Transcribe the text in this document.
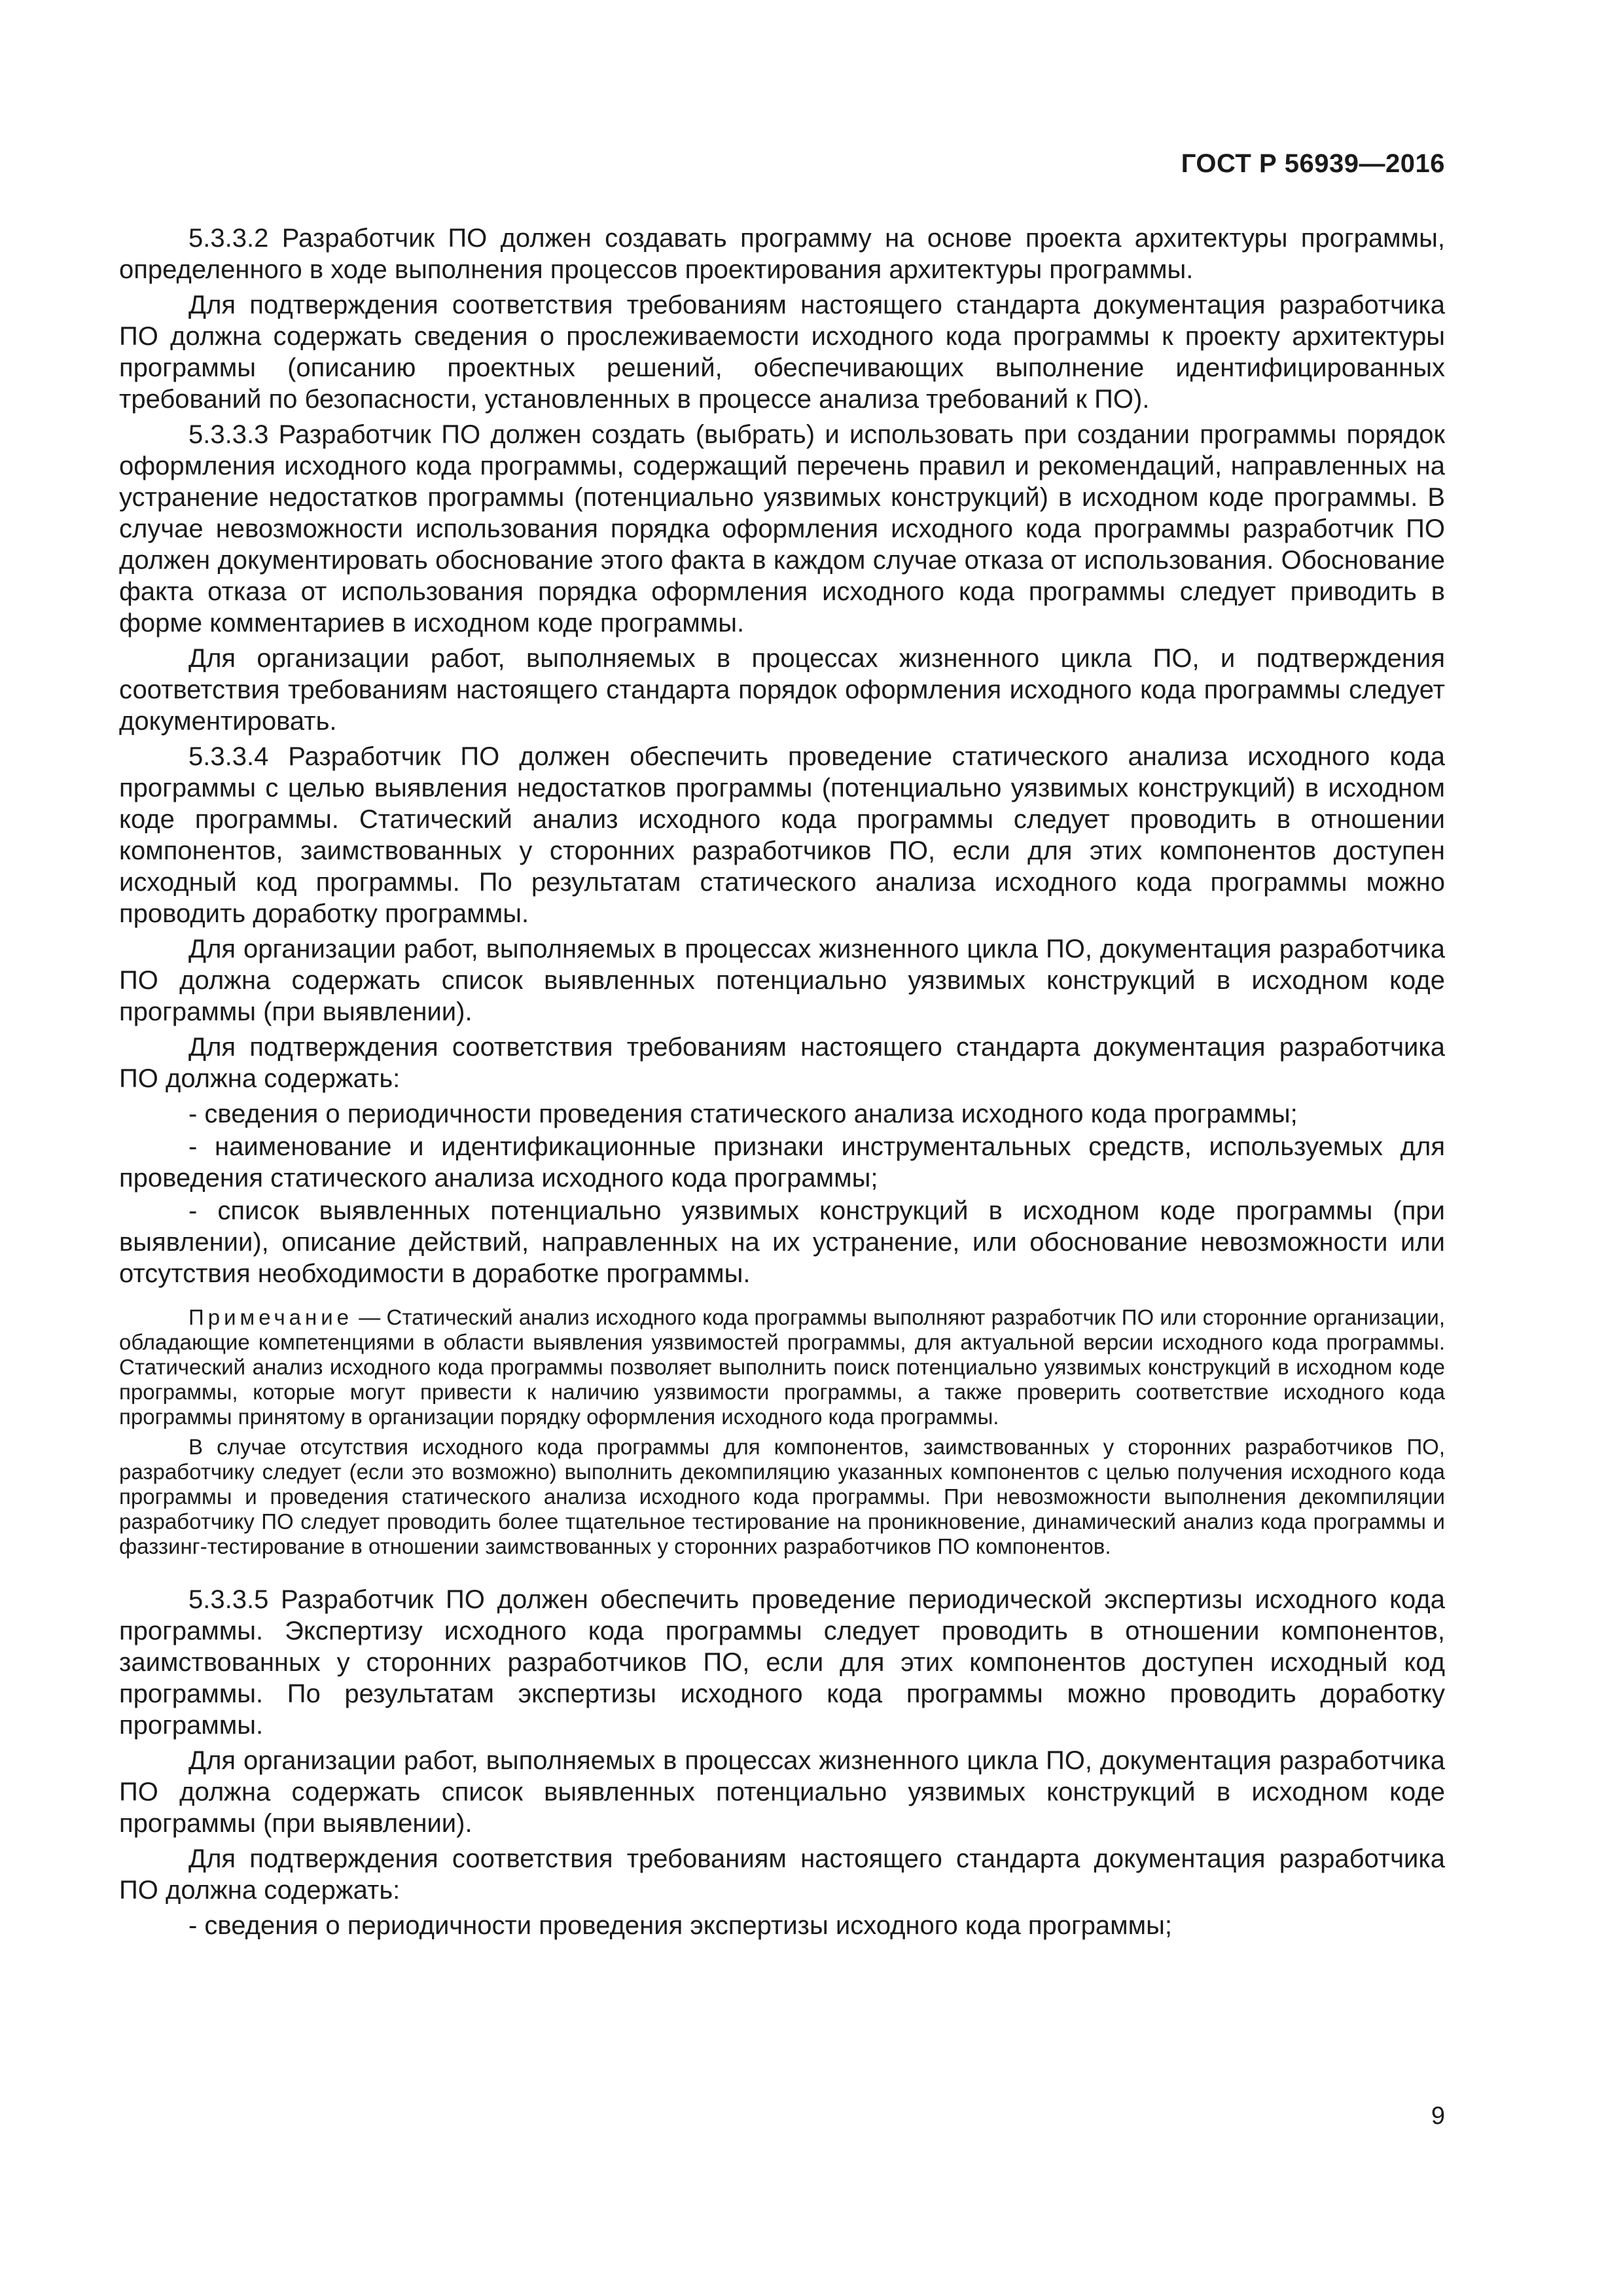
ГОСТ Р 56939—2016

5.3.3.2 Разработчик ПО должен создавать программу на основе проекта архитектуры программы, определенного в ходе выполнения процессов проектирования архитектуры программы.

Для подтверждения соответствия требованиям настоящего стандарта документация разработчика ПО должна содержать сведения о прослеживаемости исходного кода программы к проекту архитектуры программы (описанию проектных решений, обеспечивающих выполнение идентифицированных требований по безопасности, установленных в процессе анализа требований к ПО).

5.3.3.3 Разработчик ПО должен создать (выбрать) и использовать при создании программы порядок оформления исходного кода программы, содержащий перечень правил и рекомендаций, направленных на устранение недостатков программы (потенциально уязвимых конструкций) в исходном коде программы. В случае невозможности использования порядка оформления исходного кода программы разработчик ПО должен документировать обоснование этого факта в каждом случае отказа от использования. Обоснование факта отказа от использования порядка оформления исходного кода программы следует приводить в форме комментариев в исходном коде программы.

Для организации работ, выполняемых в процессах жизненного цикла ПО, и подтверждения соответствия требованиям настоящего стандарта порядок оформления исходного кода программы следует документировать.

5.3.3.4 Разработчик ПО должен обеспечить проведение статического анализа исходного кода программы с целью выявления недостатков программы (потенциально уязвимых конструкций) в исходном коде программы. Статический анализ исходного кода программы следует проводить в отношении компонентов, заимствованных у сторонних разработчиков ПО, если для этих компонентов доступен исходный код программы. По результатам статического анализа исходного кода программы можно проводить доработку программы.

Для организации работ, выполняемых в процессах жизненного цикла ПО, документация разработчика ПО должна содержать список выявленных потенциально уязвимых конструкций в исходном коде программы (при выявлении).

Для подтверждения соответствия требованиям настоящего стандарта документация разработчика ПО должна содержать:

- сведения о периодичности проведения статического анализа исходного кода программы;

- наименование и идентификационные признаки инструментальных средств, используемых для проведения статического анализа исходного кода программы;

- список выявленных потенциально уязвимых конструкций в исходном коде программы (при выявлении), описание действий, направленных на их устранение, или обоснование невозможности или отсутствия необходимости в доработке программы.

Примечание — Статический анализ исходного кода программы выполняют разработчик ПО или сторонние организации, обладающие компетенциями в области выявления уязвимостей программы, для актуальной версии исходного кода программы. Статический анализ исходного кода программы позволяет выполнить поиск потенциально уязвимых конструкций в исходном коде программы, которые могут привести к наличию уязвимости программы, а также проверить соответствие исходного кода программы принятому в организации порядку оформления исходного кода программы.

В случае отсутствия исходного кода программы для компонентов, заимствованных у сторонних разработчиков ПО, разработчику следует (если это возможно) выполнить декомпиляцию указанных компонентов с целью получения исходного кода программы и проведения статического анализа исходного кода программы. При невозможности выполнения декомпиляции разработчику ПО следует проводить более тщательное тестирование на проникновение, динамический анализ кода программы и фаззинг-тестирование в отношении заимствованных у сторонних разработчиков ПО компонентов.

5.3.3.5 Разработчик ПО должен обеспечить проведение периодической экспертизы исходного кода программы. Экспертизу исходного кода программы следует проводить в отношении компонентов, заимствованных у сторонних разработчиков ПО, если для этих компонентов доступен исходный код программы. По результатам экспертизы исходного кода программы можно проводить доработку программы.

Для организации работ, выполняемых в процессах жизненного цикла ПО, документация разработчика ПО должна содержать список выявленных потенциально уязвимых конструкций в исходном коде программы (при выявлении).

Для подтверждения соответствия требованиям настоящего стандарта документация разработчика ПО должна содержать:

- сведения о периодичности проведения экспертизы исходного кода программы;

9
